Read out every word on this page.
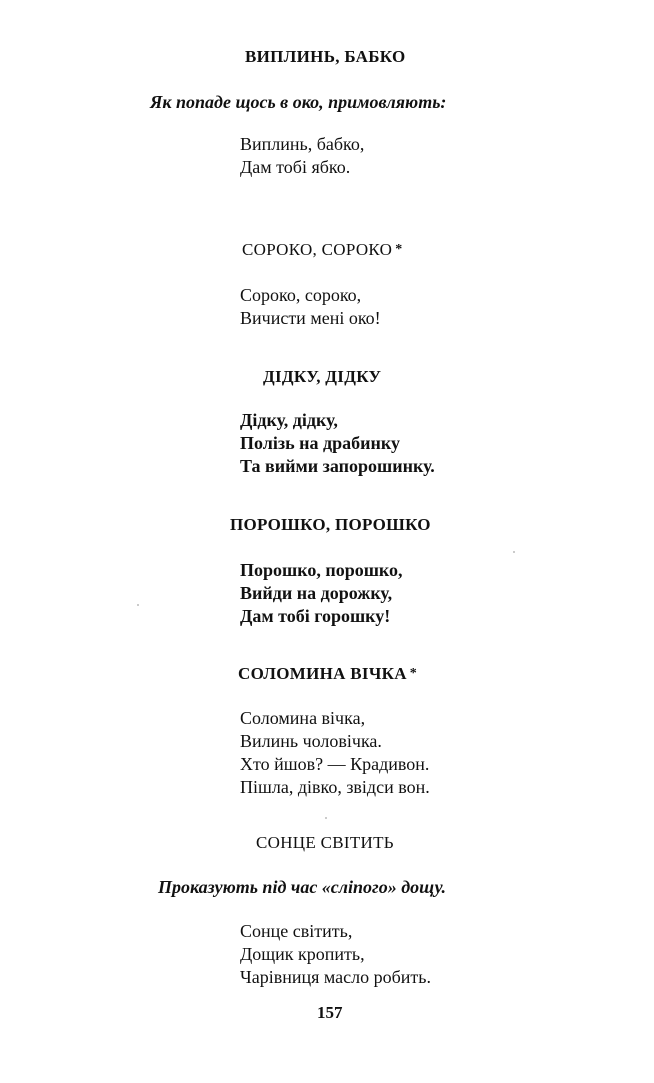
ВИПЛИНЬ, БАБКО
Як попаде щось в око, примовляють:
Виплинь, бабко,
Дам тобі ябко.
СОРОКО, СОРОКО *
Сороко, сороко,
Вичисти мені око!
ДІДКУ, ДІДКУ
Дідку, дідку,
Полізь на драбинку
Та вийми запорошинку.
ПОРОШКО, ПОРОШКО
Порошко, порошко,
Вийди на дорожку,
Дам тобі горошку!
СОЛОМИНА ВІЧКА *
Соломина вічка,
Вилинь чоловічка.
Хто йшов? — Крадивон.
Пішла, дівко, звідси вон.
СОНЦЕ СВІТИТЬ
Проказують під час «сліпого» дощу.
Сонце світить,
Дощик кропить,
Чарівниця масло робить.
157
